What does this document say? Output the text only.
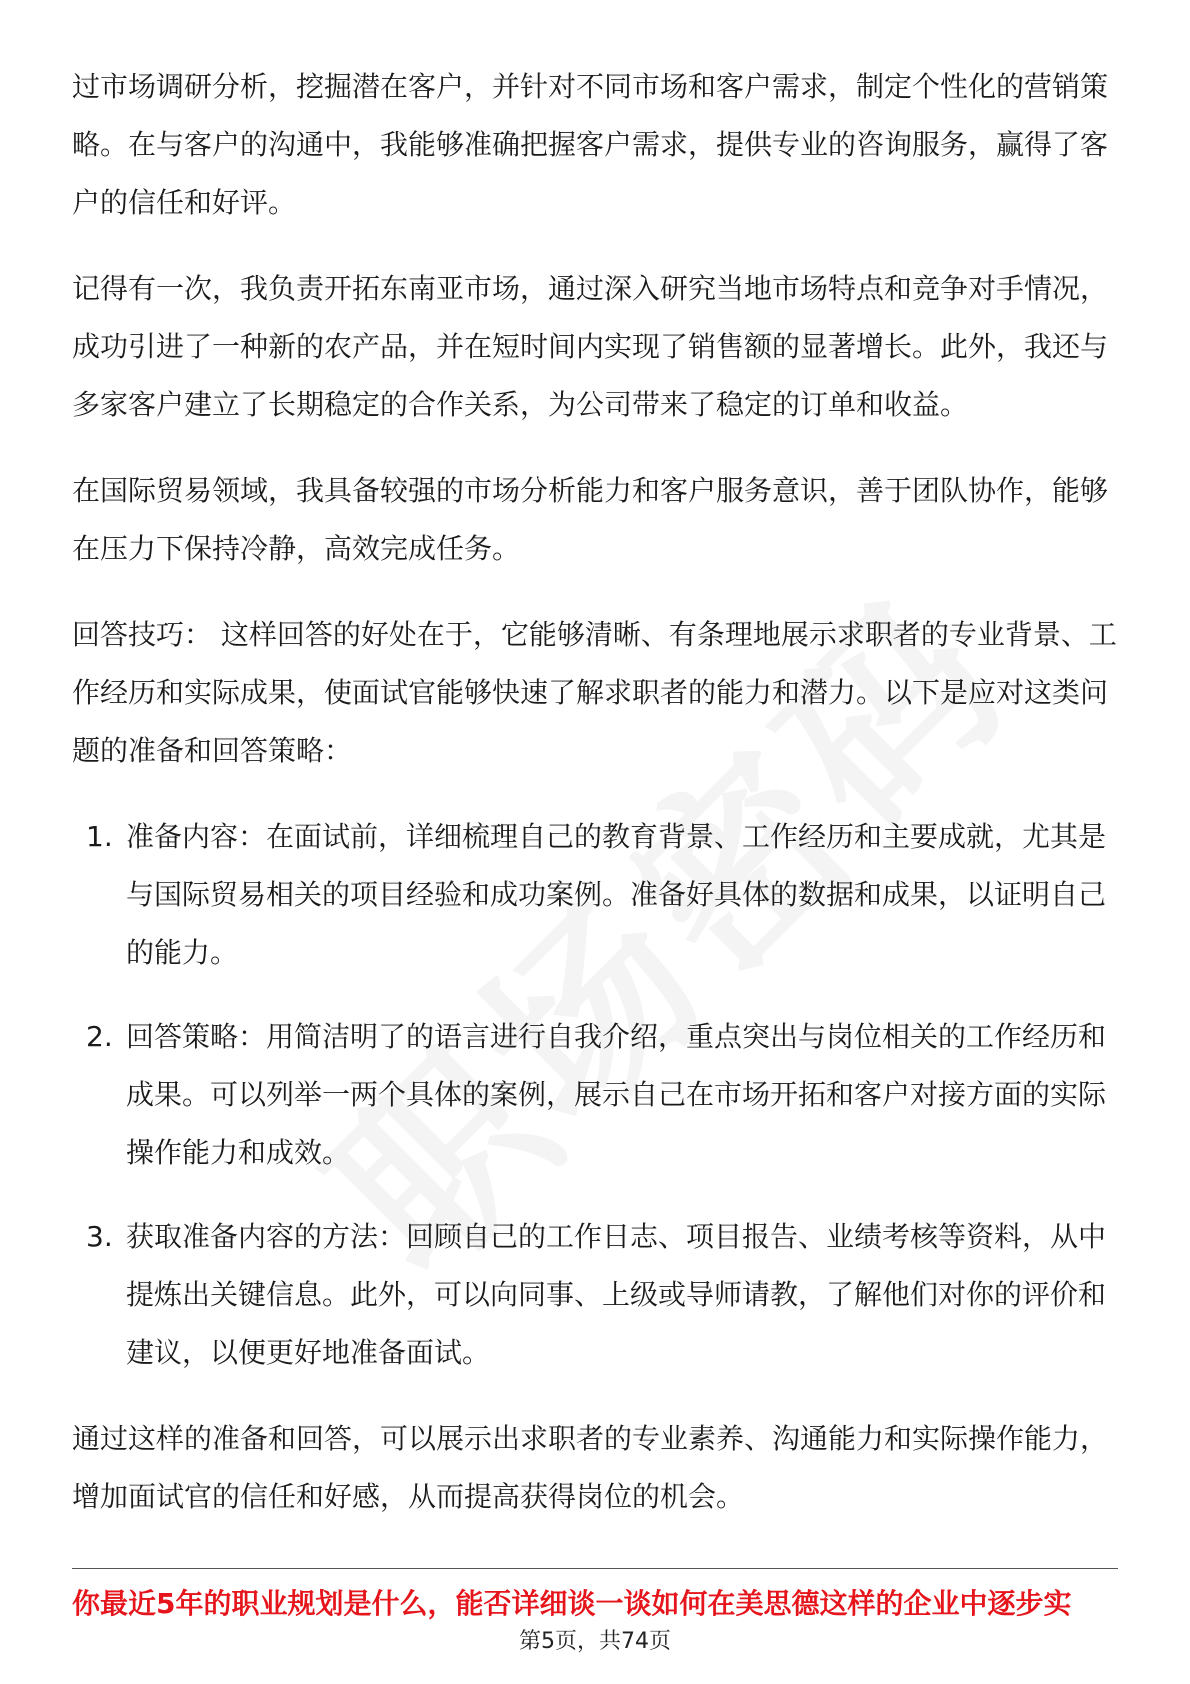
过市场调研分析，挖掘潜在客户，并针对不同市场和客户需求，制定个性化的营销策略。在与客户的沟通中，我能够准确把握客户需求，提供专业的咨询服务，赢得了客户的信任和好评。

记得有一次，我负责开拓东南亚市场，通过深入研究当地市场特点和竞争对手情况，成功引进了一种新的农产品，并在短时间内实现了销售额的显著增长。此外，我还与多家客户建立了长期稳定的合作关系，为公司带来了稳定的订单和收益。

在国际贸易领域，我具备较强的市场分析能力和客户服务意识，善于团队协作，能够在压力下保持冷静，高效完成任务。

回答技巧： 这样回答的好处在于，它能够清晰、有条理地展示求职者的专业背景、工作经历和实际成果，使面试官能够快速了解求职者的能力和潜力。以下是应对这类问题的准备和回答策略：

1. 准备内容：在面试前，详细梳理自己的教育背景、工作经历和主要成就，尤其是与国际贸易相关的项目经验和成功案例。准备好具体的数据和成果，以证明自己的能力。
2. 回答策略：用简洁明了的语言进行自我介绍，重点突出与岗位相关的工作经历和成果。可以列举一两个具体的案例，展示自己在市场开拓和客户对接方面的实际操作能力和成效。
3. 获取准备内容的方法：回顾自己的工作日志、项目报告、业绩考核等资料，从中提炼出关键信息。此外，可以向同事、上级或导师请教，了解他们对你的评价和建议，以便更好地准备面试。

通过这样的准备和回答，可以展示出求职者的专业素养、沟通能力和实际操作能力，增加面试官的信任和好感，从而提高获得岗位的机会。

你最近5年的职业规划是什么，能否详细谈一谈如何在美思德这样的企业中逐步实
第5页，共74页
